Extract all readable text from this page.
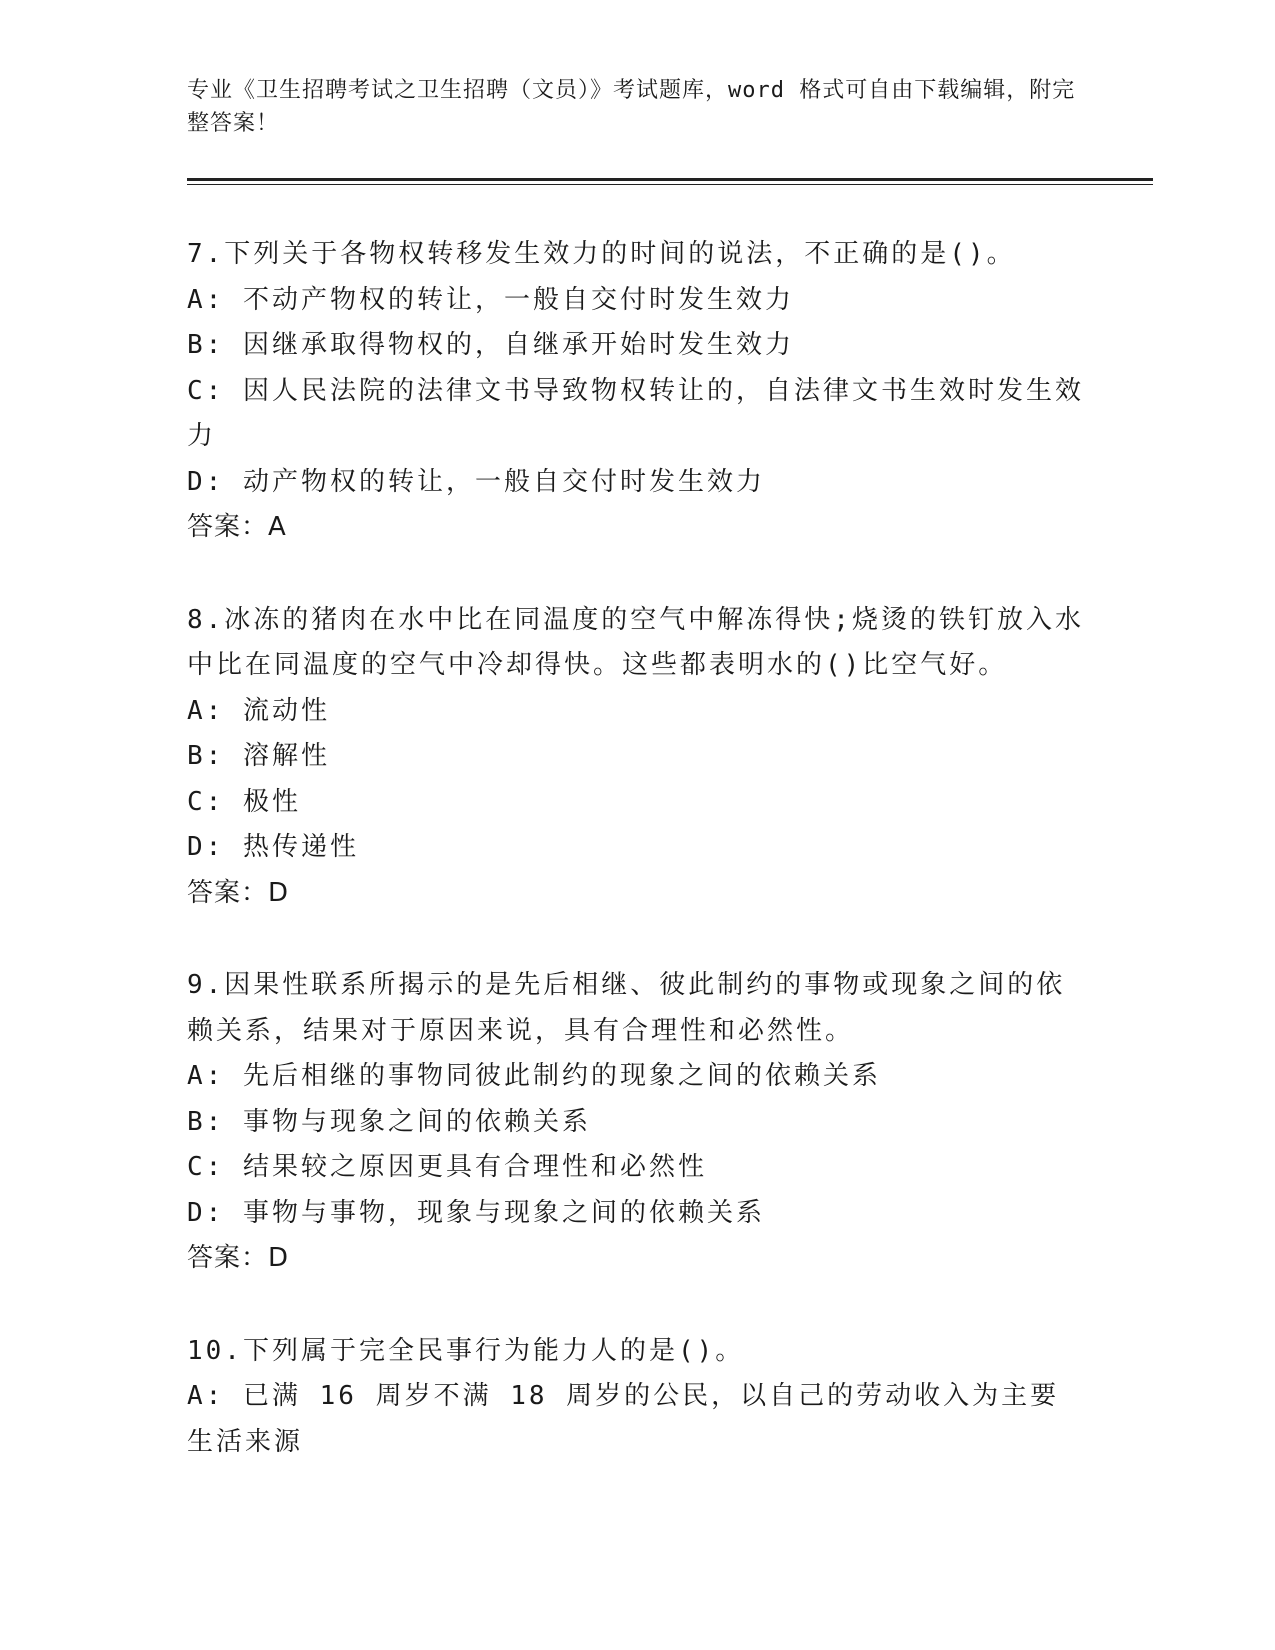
专业《卫生招聘考试之卫生招聘（文员）》考试题库，word 格式可自由下载编辑，附完整答案！
7.下列关于各物权转移发生效力的时间的说法，不正确的是()。
A: 不动产物权的转让，一般自交付时发生效力
B: 因继承取得物权的，自继承开始时发生效力
C: 因人民法院的法律文书导致物权转让的，自法律文书生效时发生效力
D: 动产物权的转让，一般自交付时发生效力
答案：A
8.冰冻的猪肉在水中比在同温度的空气中解冻得快;烧烫的铁钉放入水中比在同温度的空气中冷却得快。这些都表明水的()比空气好。
A: 流动性
B: 溶解性
C: 极性
D: 热传递性
答案：D
9.因果性联系所揭示的是先后相继、彼此制约的事物或现象之间的依赖关系，结果对于原因来说，具有合理性和必然性。
A: 先后相继的事物同彼此制约的现象之间的依赖关系
B: 事物与现象之间的依赖关系
C: 结果较之原因更具有合理性和必然性
D: 事物与事物，现象与现象之间的依赖关系
答案：D
10.下列属于完全民事行为能力人的是()。
A: 已满 16 周岁不满 18 周岁的公民，以自己的劳动收入为主要生活来源
